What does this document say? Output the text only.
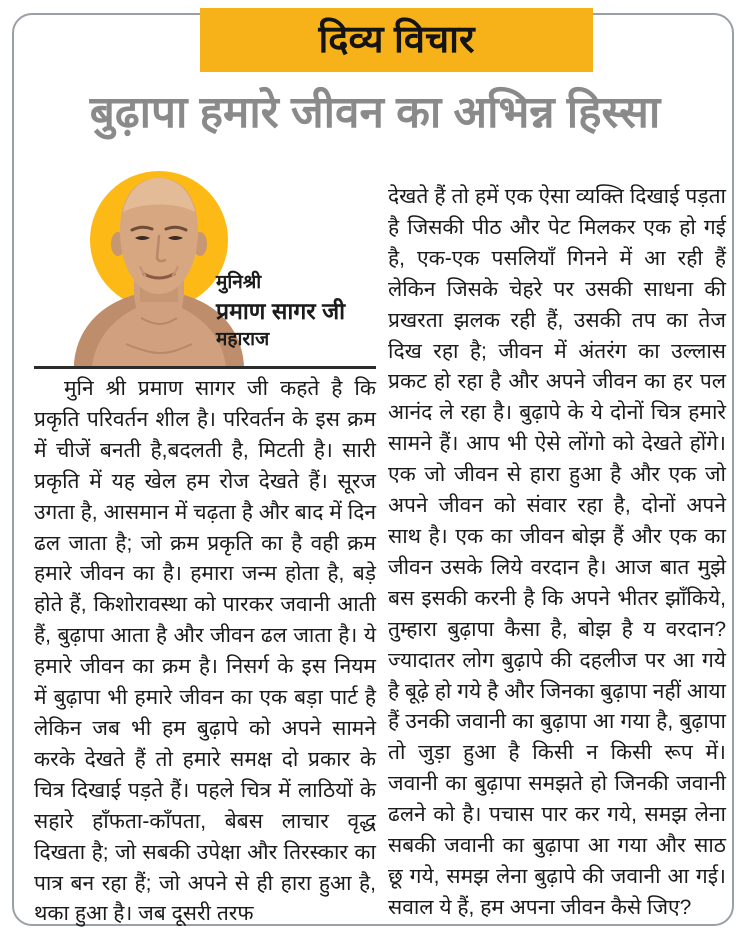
दिव्य विचार
बुढ़ापा हमारे जीवन का अभिन्न हिस्सा
मुनिश्री
प्रमाण सागर जी
महाराज
मुनि श्री प्रमाण सागर जी कहते है कि प्रकृति परिवर्तन शील है। परिवर्तन के इस क्रम में चीजें बनती है,बदलती है, मिटती है। सारी प्रकृति में यह खेल हम रोज देखते हैं। सूरज उगता है, आसमान में चढ़ता है और बाद में दिन ढल जाता है; जो क्रम प्रकृति का है वही क्रम हमारे जीवन का है। हमारा जन्म होता है, बड़े होते हैं, किशोरावस्था को पारकर जवानी आती हैं, बुढ़ापा आता है और जीवन ढल जाता है। ये हमारे जीवन का क्रम है। निसर्ग के इस नियम में बुढ़ापा भी हमारे जीवन का एक बड़ा पार्ट है लेकिन जब भी हम बुढ़ापे को अपने सामने करके देखते हैं तो हमारे समक्ष दो प्रकार के चित्र दिखाई पड़ते हैं। पहले चित्र में लाठियों के सहारे हाँफता-काँपता, बेबस लाचार वृद्ध दिखता है; जो सबकी उपेक्षा और तिरस्कार का पात्र बन रहा हैं; जो अपने से ही हारा हुआ है, थका हुआ है। जब दूसरी तरफ
देखते हैं तो हमें एक ऐसा व्यक्ति दिखाई पड़ता है जिसकी पीठ और पेट मिलकर एक हो गई है, एक-एक पसलियाँ गिनने में आ रही हैं लेकिन जिसके चेहरे पर उसकी साधना की प्रखरता झलक रही हैं, उसकी तप का तेज दिख रहा है; जीवन में अंतरंग का उल्लास प्रकट हो रहा है और अपने जीवन का हर पल आनंद ले रहा है। बुढ़ापे के ये दोनों चित्र हमारे सामने हैं। आप भी ऐसे लोंगो को देखते होंगे। एक जो जीवन से हारा हुआ है और एक जो अपने जीवन को संवार रहा है, दोनों अपने साथ है। एक का जीवन बोझ हैं और एक का जीवन उसके लिये वरदान है। आज बात मुझे बस इसकी करनी है कि अपने भीतर झाँकिये, तुम्हारा बुढ़ापा कैसा है, बोझ है य वरदान? ज्यादातर लोग बुढ़ापे की दहलीज पर आ गये है बूढ़े हो गये है और जिनका बुढ़ापा नहीं आया हैं उनकी जवानी का बुढ़ापा आ गया है, बुढ़ापा तो जुड़ा हुआ है किसी न किसी रूप में। जवानी का बुढ़ापा समझते हो जिनकी जवानी ढलने को है। पचास पार कर गये, समझ लेना सबकी जवानी का बुढ़ापा आ गया और साठ छू गये, समझ लेना बुढ़ापे की जवानी आ गई। सवाल ये हैं, हम अपना जीवन कैसे जिए?
